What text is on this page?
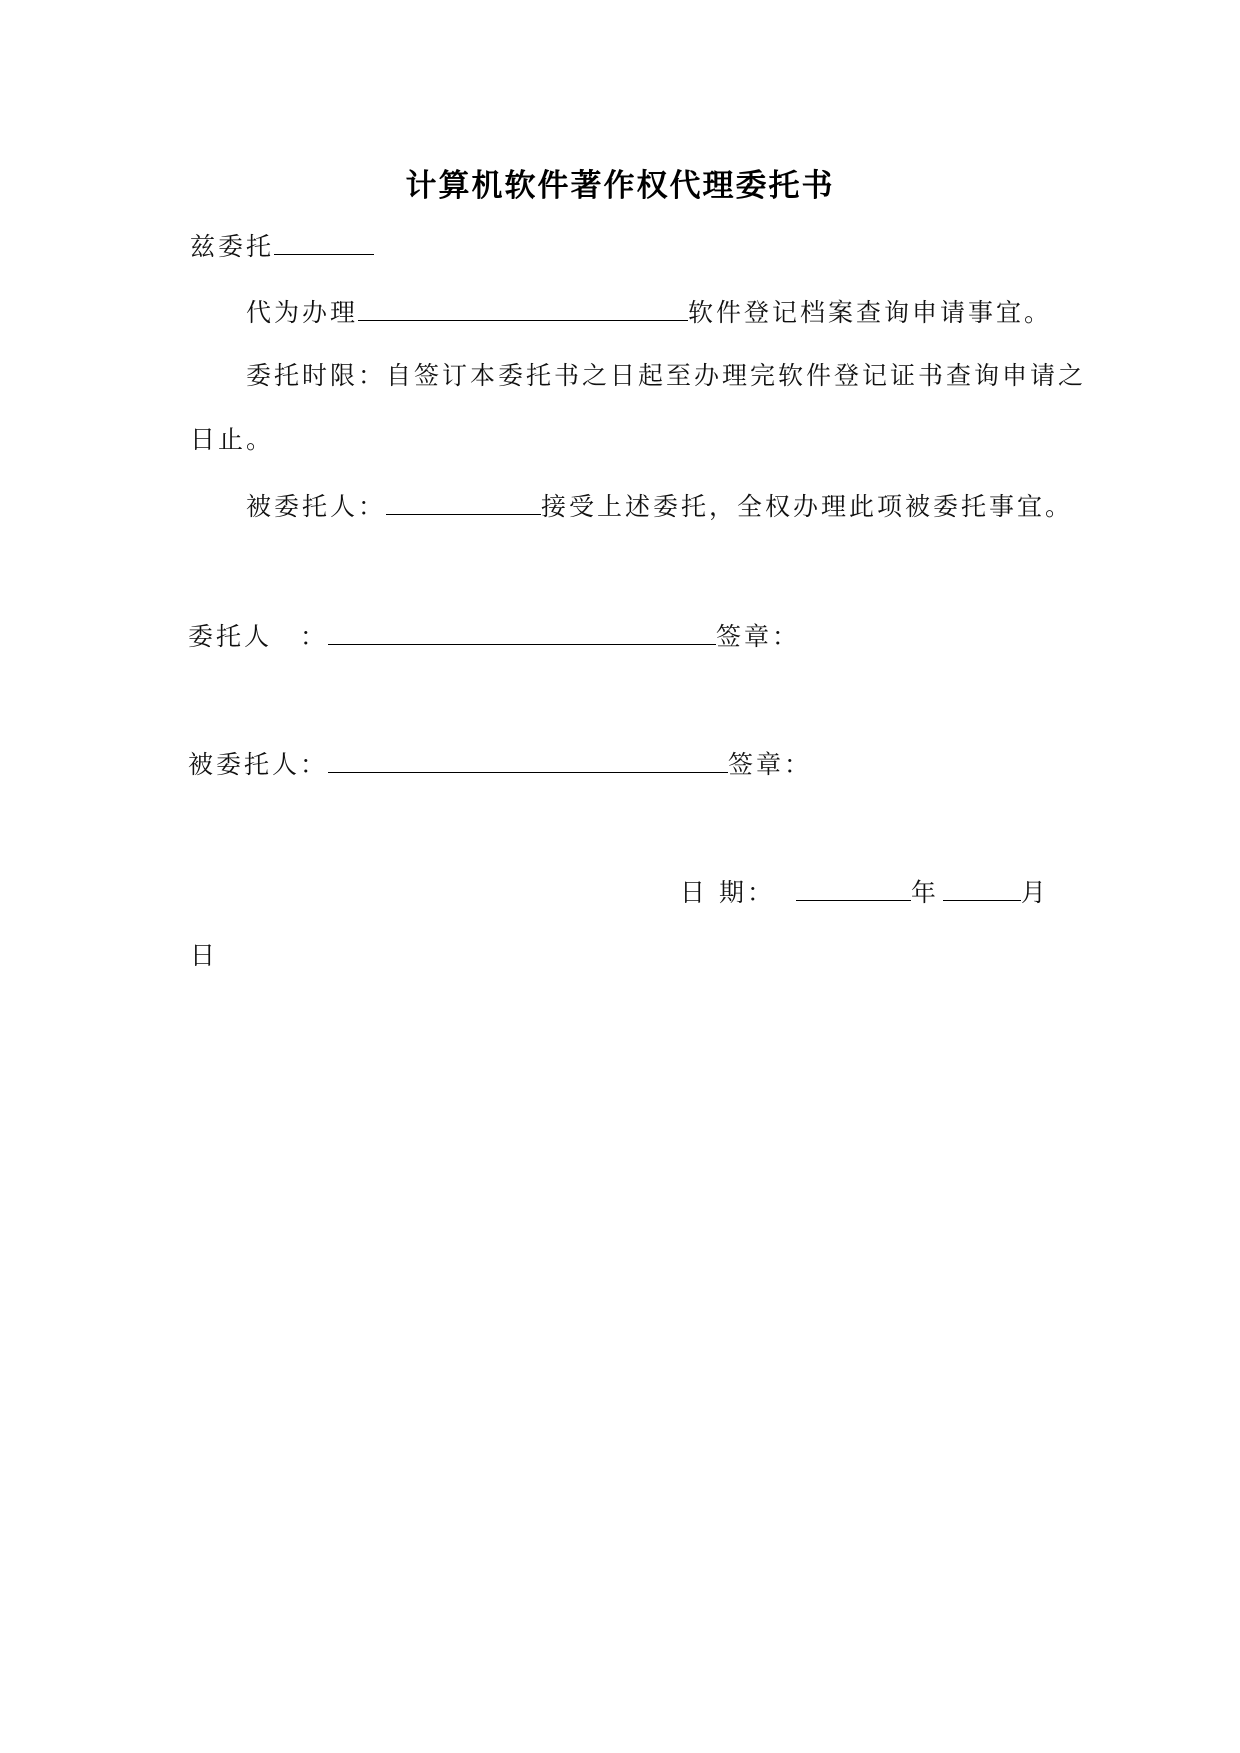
计算机软件著作权代理委托书
兹委托
代为办理	软件登记档案查询申请事宜。
委托时限：自签订本委托书之日起至办理完软件登记证书查询申请之
日止。
被委托人：	接受上述委托，全权办理此项被委托事宜。
委托人　：	签章：
被委托人：	签章：
日 期：	年	月
日
